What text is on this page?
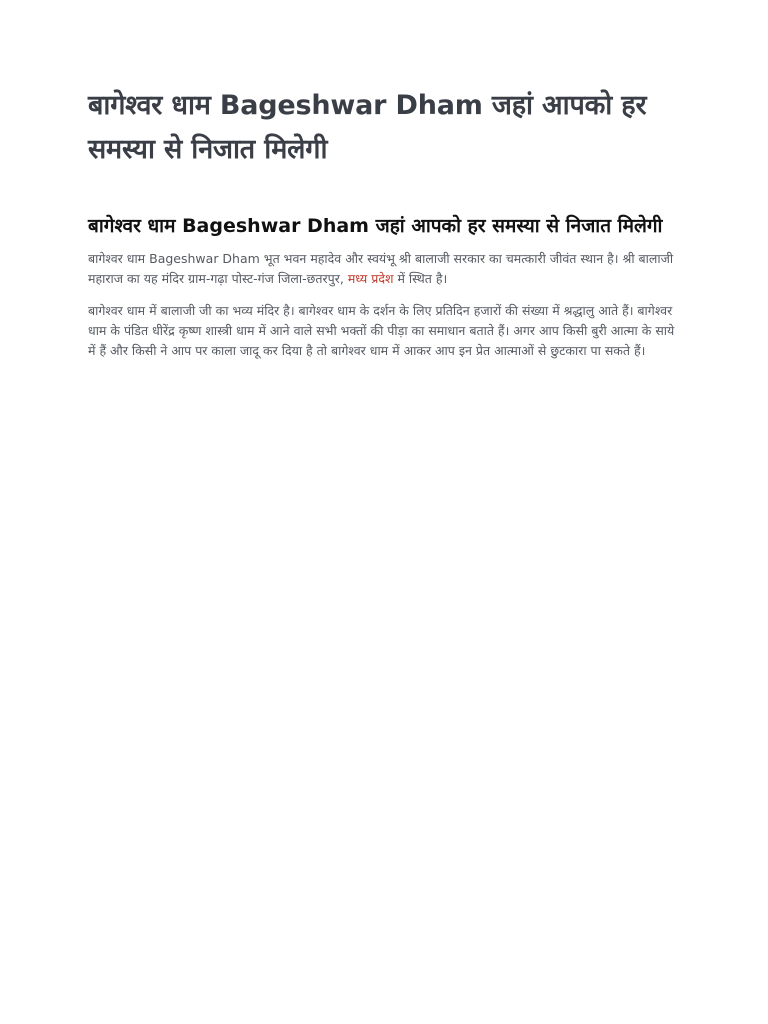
बागेश्वर धाम Bageshwar Dham जहां आपको हर समस्या से निजात मिलेगी
बागेश्वर धाम Bageshwar Dham जहां आपको हर समस्या से निजात मिलेगी

बागेश्वर धाम Bageshwar Dham भूत भवन महादेव और स्वयंभू श्री बालाजी सरकार का चमत्कारी जीवंत स्थान है। श्री बालाजी महाराज का यह मंदिर ग्राम-गढ़ा पोस्ट-गंज जिला-छतरपुर, मध्य प्रदेश में स्थित है।

बागेश्वर धाम में बालाजी जी का भव्य मंदिर है। बागेश्वर धाम के दर्शन के लिए प्रतिदिन हजारों की संख्या में श्रद्धालु आते हैं। बागेश्वर धाम के पंडित धीरेंद्र कृष्ण शास्त्री धाम में आने वाले सभी भक्तों की पीड़ा का समाधान बताते हैं। अगर आप किसी बुरी आत्मा के साये में हैं और किसी ने आप पर काला जादू कर दिया है तो बागेश्वर धाम में आकर आप इन प्रेत आत्माओं से छुटकारा पा सकते हैं।
